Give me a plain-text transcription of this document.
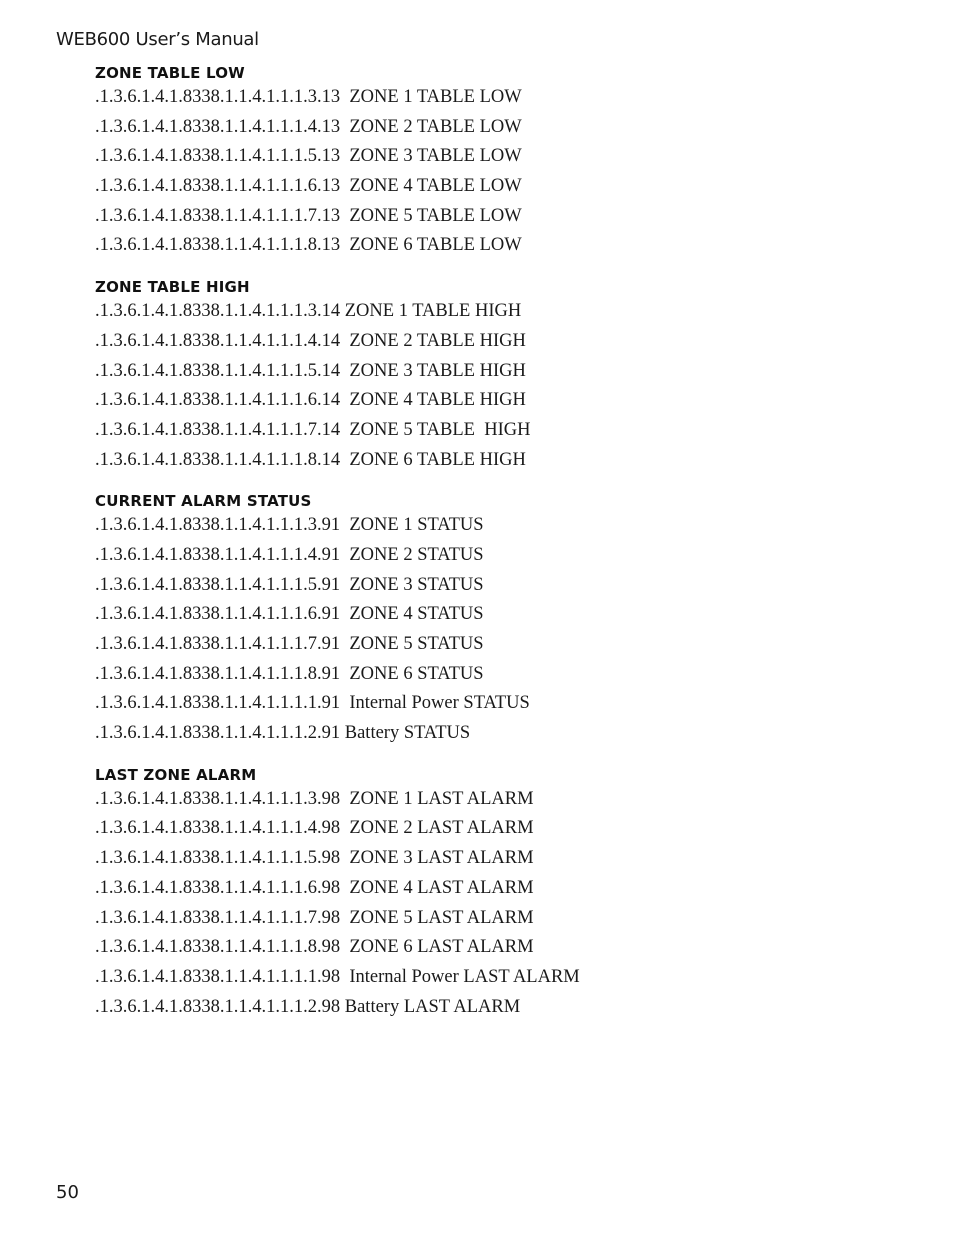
WEB600 User’s Manual
ZONE TABLE LOW
.1.3.6.1.4.1.8338.1.1.4.1.1.1.3.13  ZONE 1 TABLE LOW
.1.3.6.1.4.1.8338.1.1.4.1.1.1.4.13  ZONE 2 TABLE LOW
.1.3.6.1.4.1.8338.1.1.4.1.1.1.5.13  ZONE 3 TABLE LOW
.1.3.6.1.4.1.8338.1.1.4.1.1.1.6.13  ZONE 4 TABLE LOW
.1.3.6.1.4.1.8338.1.1.4.1.1.1.7.13  ZONE 5 TABLE LOW
.1.3.6.1.4.1.8338.1.1.4.1.1.1.8.13  ZONE 6 TABLE LOW
ZONE TABLE HIGH
.1.3.6.1.4.1.8338.1.1.4.1.1.1.3.14 ZONE 1 TABLE HIGH
.1.3.6.1.4.1.8338.1.1.4.1.1.1.4.14  ZONE 2 TABLE HIGH
.1.3.6.1.4.1.8338.1.1.4.1.1.1.5.14  ZONE 3 TABLE HIGH
.1.3.6.1.4.1.8338.1.1.4.1.1.1.6.14  ZONE 4 TABLE HIGH
.1.3.6.1.4.1.8338.1.1.4.1.1.1.7.14  ZONE 5 TABLE  HIGH
.1.3.6.1.4.1.8338.1.1.4.1.1.1.8.14  ZONE 6 TABLE HIGH
CURRENT ALARM STATUS
.1.3.6.1.4.1.8338.1.1.4.1.1.1.3.91  ZONE 1 STATUS
.1.3.6.1.4.1.8338.1.1.4.1.1.1.4.91  ZONE 2 STATUS
.1.3.6.1.4.1.8338.1.1.4.1.1.1.5.91  ZONE 3 STATUS
.1.3.6.1.4.1.8338.1.1.4.1.1.1.6.91  ZONE 4 STATUS
.1.3.6.1.4.1.8338.1.1.4.1.1.1.7.91  ZONE 5 STATUS
.1.3.6.1.4.1.8338.1.1.4.1.1.1.8.91  ZONE 6 STATUS
.1.3.6.1.4.1.8338.1.1.4.1.1.1.1.91  Internal Power STATUS
.1.3.6.1.4.1.8338.1.1.4.1.1.1.2.91 Battery STATUS
LAST ZONE ALARM
.1.3.6.1.4.1.8338.1.1.4.1.1.1.3.98  ZONE 1 LAST ALARM
.1.3.6.1.4.1.8338.1.1.4.1.1.1.4.98  ZONE 2 LAST ALARM
.1.3.6.1.4.1.8338.1.1.4.1.1.1.5.98  ZONE 3 LAST ALARM
.1.3.6.1.4.1.8338.1.1.4.1.1.1.6.98  ZONE 4 LAST ALARM
.1.3.6.1.4.1.8338.1.1.4.1.1.1.7.98  ZONE 5 LAST ALARM
.1.3.6.1.4.1.8338.1.1.4.1.1.1.8.98  ZONE 6 LAST ALARM
.1.3.6.1.4.1.8338.1.1.4.1.1.1.1.98  Internal Power LAST ALARM
.1.3.6.1.4.1.8338.1.1.4.1.1.1.2.98 Battery LAST ALARM
50
